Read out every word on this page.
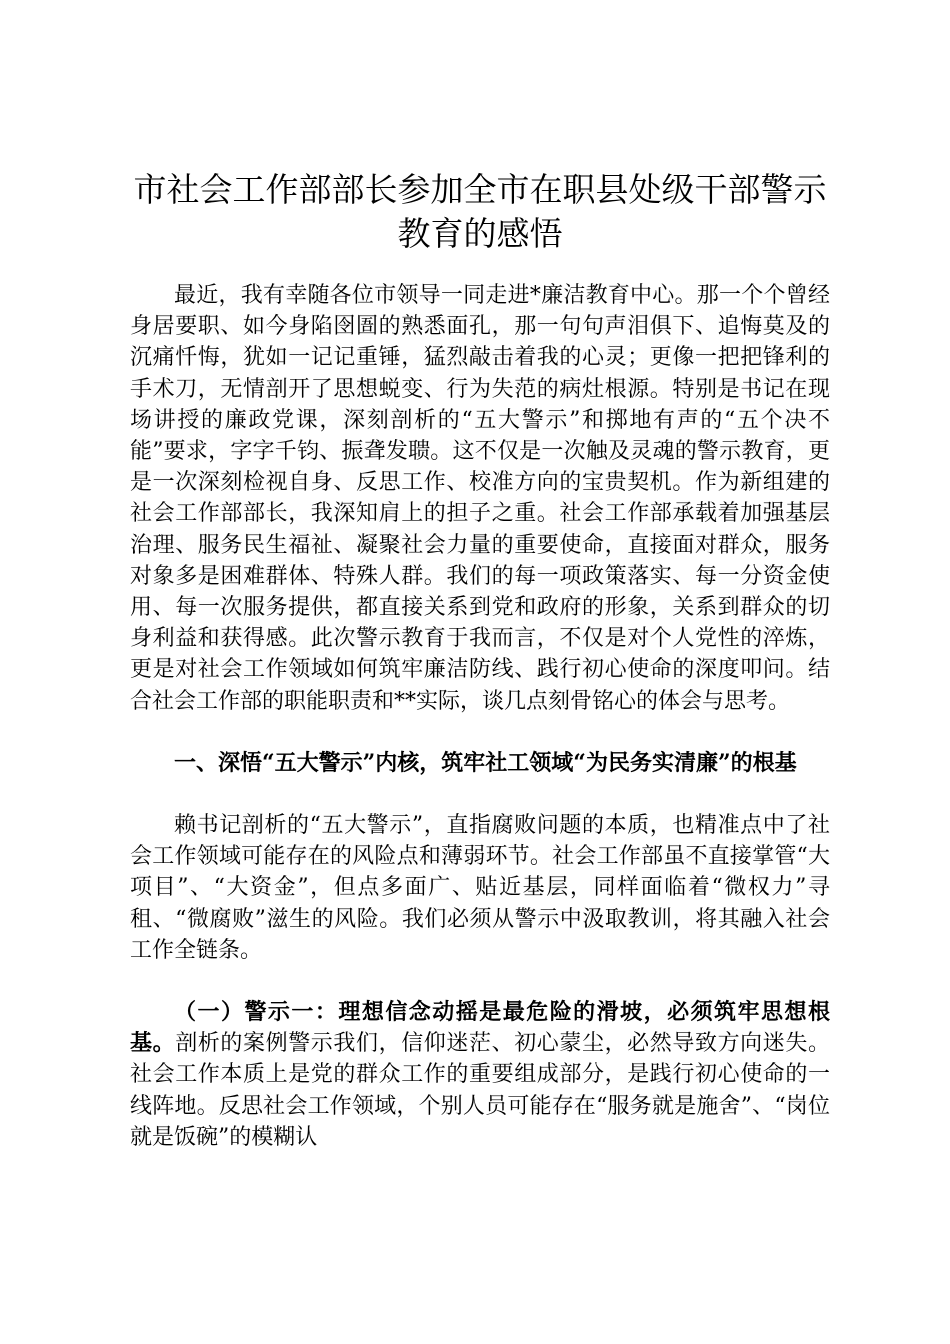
市社会工作部部长参加全市在职县处级干部警示教育的感悟

最近，我有幸随各位市领导一同走进*廉洁教育中心。那一个个曾经身居要职、如今身陷囹圄的熟悉面孔，那一句句声泪俱下、追悔莫及的沉痛忏悔，犹如一记记重锤，猛烈敲击着我的心灵；更像一把把锋利的手术刀，无情剖开了思想蜕变、行为失范的病灶根源。特别是书记在现场讲授的廉政党课，深刻剖析的“五大警示”和掷地有声的“五个决不能”要求，字字千钧、振聋发聩。这不仅是一次触及灵魂的警示教育，更是一次深刻检视自身、反思工作、校准方向的宝贵契机。作为新组建的社会工作部部长，我深知肩上的担子之重。社会工作部承载着加强基层治理、服务民生福祉、凝聚社会力量的重要使命，直接面对群众，服务对象多是困难群体、特殊人群。我们的每一项政策落实、每一分资金使用、每一次服务提供，都直接关系到党和政府的形象，关系到群众的切身利益和获得感。此次警示教育于我而言，不仅是对个人党性的淬炼，更是对社会工作领域如何筑牢廉洁防线、践行初心使命的深度叩问。结合社会工作部的职能职责和**实际，谈几点刻骨铭心的体会与思考。

一、深悟“五大警示”内核，筑牢社工领域“为民务实清廉”的根基

赖书记剖析的“五大警示”，直指腐败问题的本质，也精准点中了社会工作领域可能存在的风险点和薄弱环节。社会工作部虽不直接掌管“大项目”、“大资金”，但点多面广、贴近基层，同样面临着“微权力”寻租、“微腐败”滋生的风险。我们必须从警示中汲取教训，将其融入社会工作全链条。

（一）警示一：理想信念动摇是最危险的滑坡，必须筑牢思想根基。剖析的案例警示我们，信仰迷茫、初心蒙尘，必然导致方向迷失。社会工作本质上是党的群众工作的重要组成部分，是践行初心使命的一线阵地。反思社会工作领域，个别人员可能存在“服务就是施舍”、“岗位就是饭碗”的模糊认
